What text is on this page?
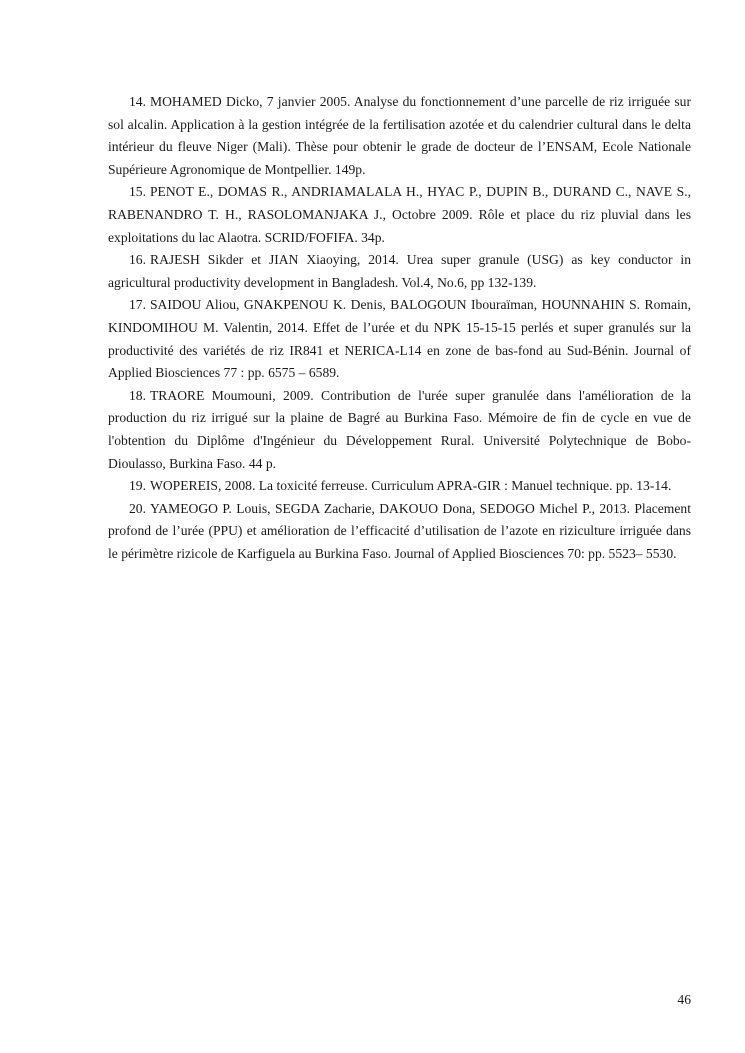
14. MOHAMED Dicko, 7 janvier 2005. Analyse du fonctionnement d’une parcelle de riz irriguée sur sol alcalin. Application à la gestion intégrée de la fertilisation azotée et du calendrier cultural dans le delta intérieur du fleuve Niger (Mali). Thèse pour obtenir le grade de docteur de l’ENSAM, Ecole Nationale Supérieure Agronomique de Montpellier. 149p.

15. PENOT E., DOMAS R., ANDRIAMALALA H., HYAC P., DUPIN B., DURAND C., NAVE S., RABENANDRO T. H., RASOLOMANJAKA J., Octobre 2009. Rôle et place du riz pluvial dans les exploitations du lac Alaotra. SCRID/FOFIFA. 34p.

16. RAJESH Sikder et JIAN Xiaoying, 2014. Urea super granule (USG) as key conductor in agricultural productivity development in Bangladesh. Vol.4, No.6, pp 132-139.

17. SAIDOU Aliou, GNAKPENOU K. Denis, BALOGOUN Ibouraïman, HOUNNAHIN S. Romain, KINDOMIHOU M. Valentin, 2014. Effet de l’urée et du NPK 15-15-15 perlés et super granulés sur la productivité des variétés de riz IR841 et NERICA-L14 en zone de bas-fond au Sud-Bénin. Journal of Applied Biosciences 77 : pp. 6575 – 6589.

18. TRAORE Moumouni, 2009. Contribution de l'urée super granulée dans l'amélioration de la production du riz irrigué sur la plaine de Bagré au Burkina Faso. Mémoire de fin de cycle en vue de l'obtention du Diplôme d'Ingénieur du Développement Rural. Université Polytechnique de Bobo-Dioulasso, Burkina Faso. 44 p.

19. WOPEREIS, 2008. La toxicité ferreuse. Curriculum APRA-GIR : Manuel technique. pp. 13-14.

20. YAMEOGO P. Louis, SEGDA Zacharie, DAKOUO Dona, SEDOGO Michel P., 2013. Placement profond de l’urée (PPU) et amélioration de l’efficacité d’utilisation de l’azote en riziculture irriguée dans le périmètre rizicole de Karfiguela au Burkina Faso. Journal of Applied Biosciences 70: pp. 5523– 5530.

46
